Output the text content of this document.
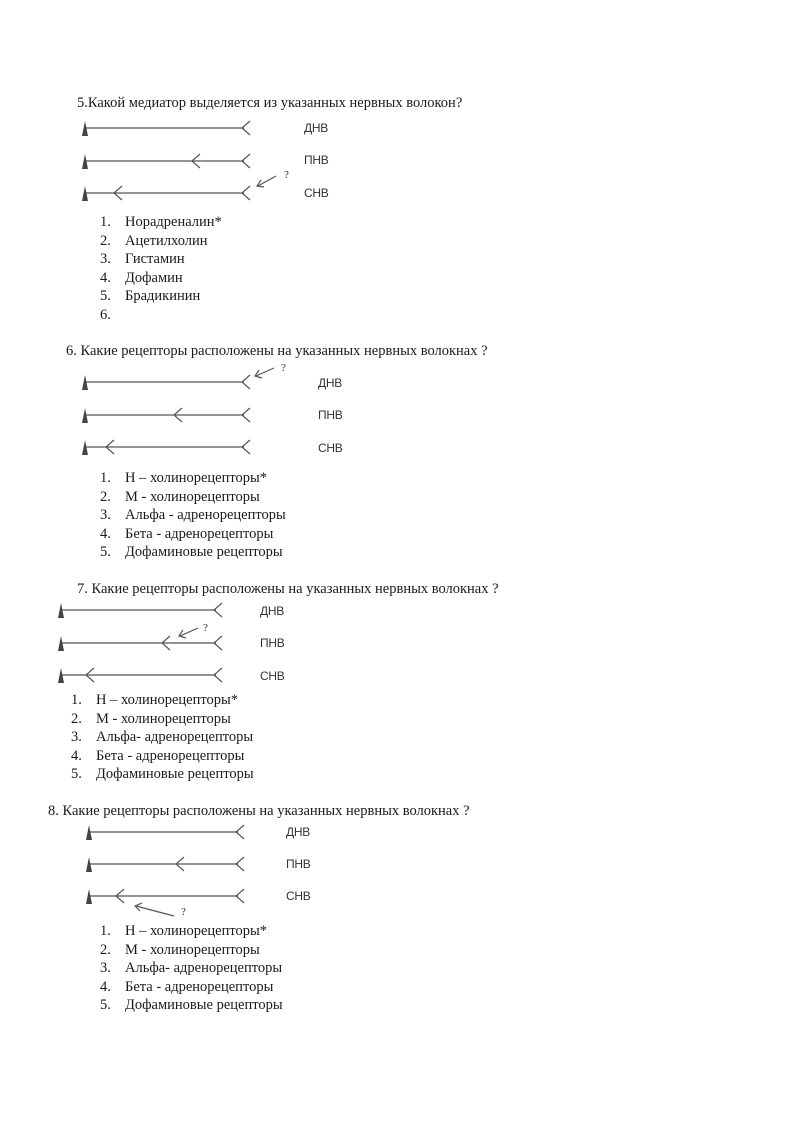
5.Какой медиатор выделяется из указанных нервных волокон?
?
ДНВ
ПНВ
СНВ
1. Норадреналин*
2. Ацетилхолин
3. Гистамин
4. Дофамин
5. Брадикинин
6.
6. Какие рецепторы расположены на указанных нервных волокнах ?
?
ДНВ
ПНВ
СНВ
1. Н – холинорецепторы*
2. М - холинорецепторы
3. Альфа - адренорецепторы
4. Бета - адренорецепторы
5. Дофаминовые рецепторы
7. Какие рецепторы расположены на указанных нервных волокнах ?
?
ДНВ
ПНВ
СНВ
1. Н – холинорецепторы*
2. М - холинорецепторы
3. Альфа- адренорецепторы
4. Бета - адренорецепторы
5. Дофаминовые рецепторы
8. Какие рецепторы расположены на указанных нервных волокнах ?
?
ДНВ
ПНВ
СНВ
1. Н – холинорецепторы*
2. М - холинорецепторы
3. Альфа- адренорецепторы
4. Бета - адренорецепторы
5. Дофаминовые рецепторы
